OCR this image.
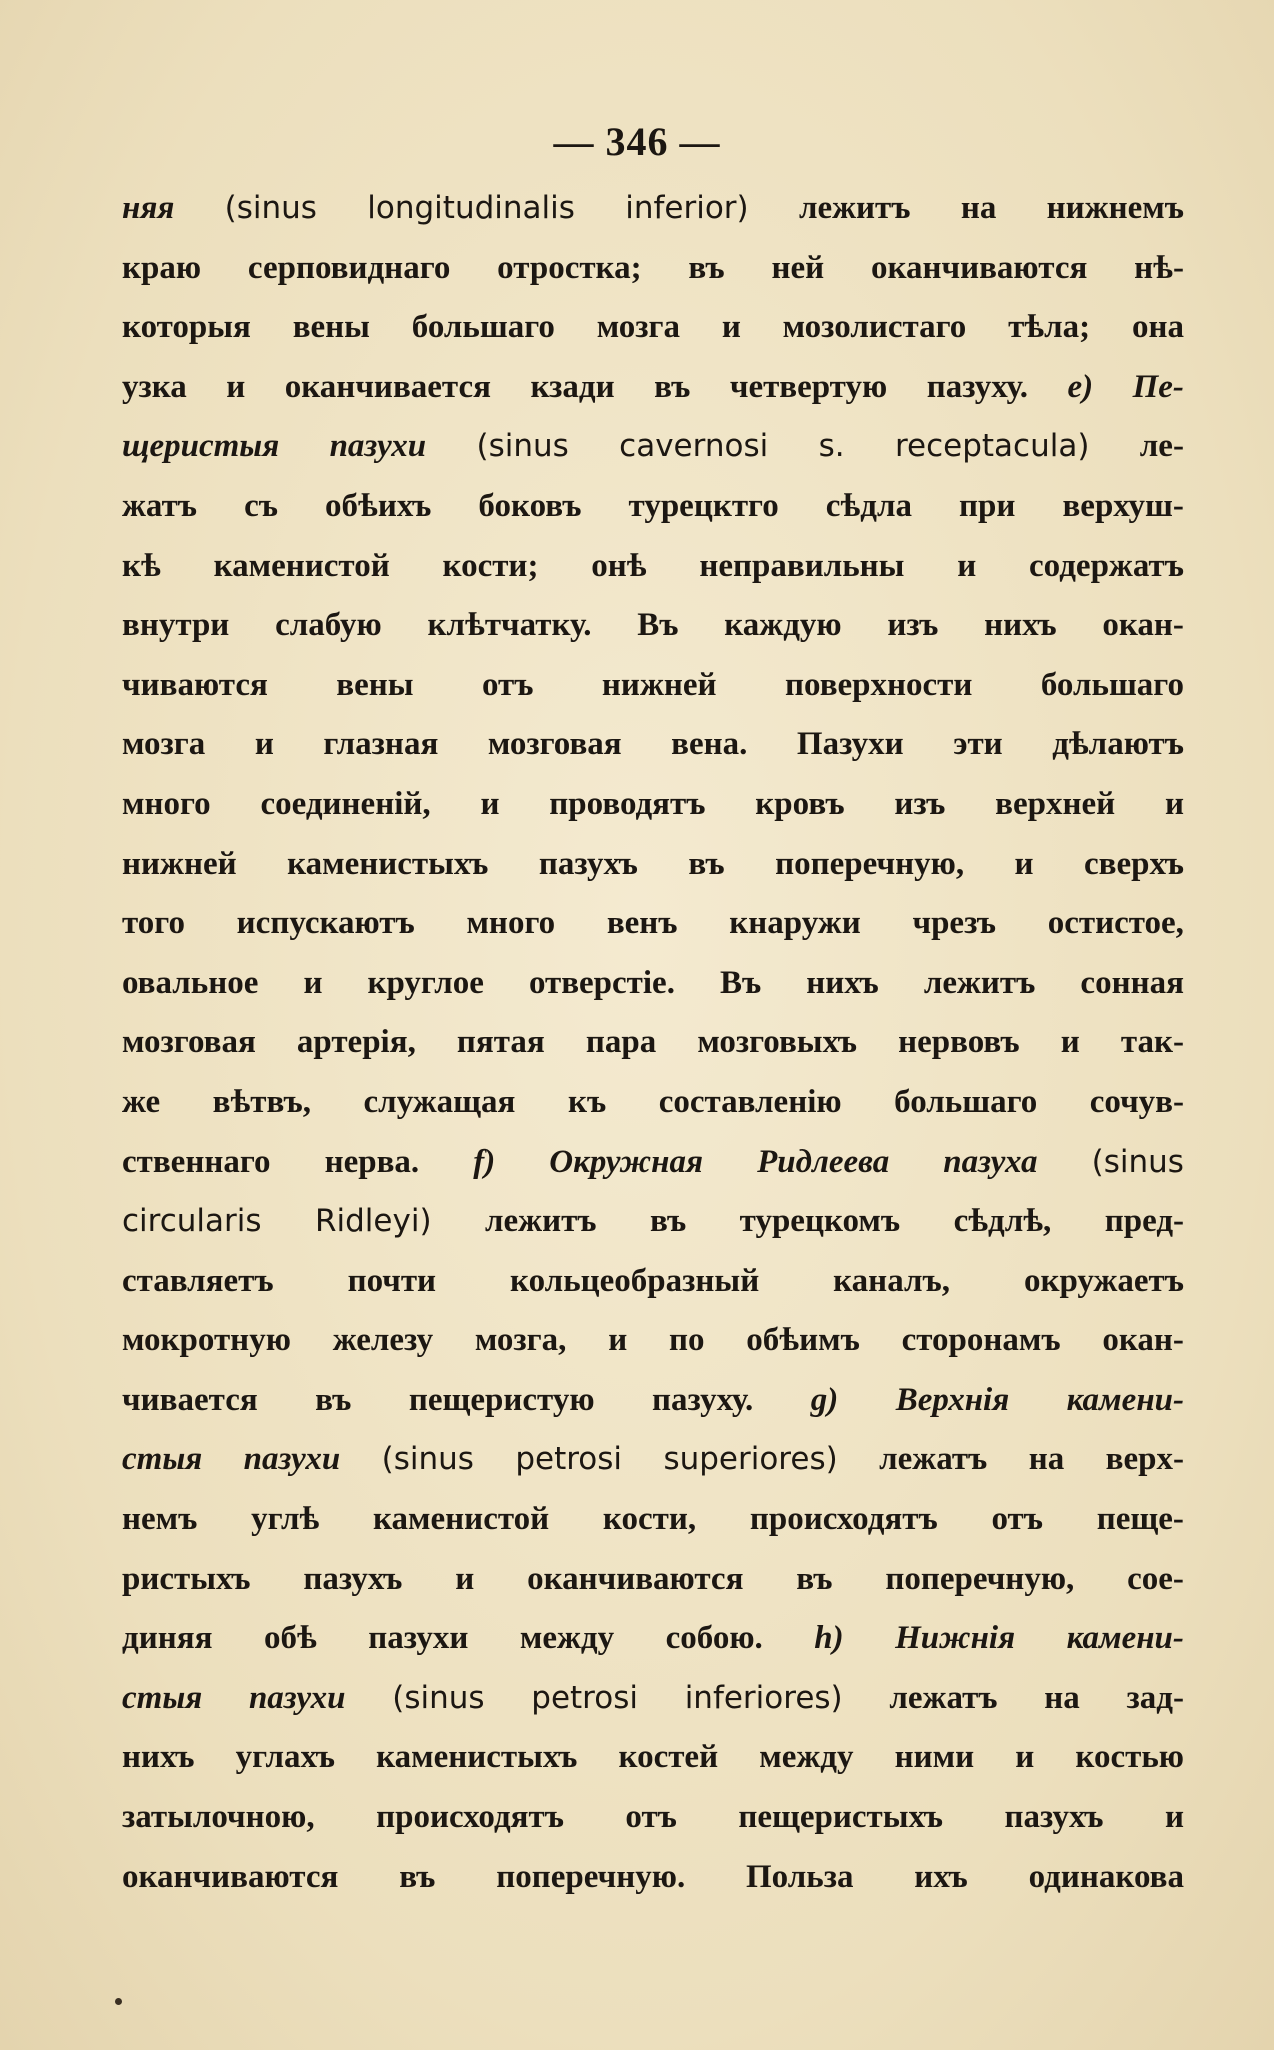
— 346 —
няя (sinus longitudinalis inferior) лежитъ на нижнемъ
краю серповиднаго отростка; въ ней оканчиваются нѣ-
которыя вены большаго мозга и мозолистаго тѣла; она
узка и оканчивается кзади въ четвертую пазуху. e) Пе-
щеристыя пазухи (sinus cavernosi s. receptacula) ле-
жатъ съ обѣихъ боковъ турецктго сѣдла при верхуш-
кѣ каменистой кости; онѣ неправильны и содержатъ
внутри слабую клѣтчатку. Въ каждую изъ нихъ окан-
чиваются вены отъ нижней поверхности большаго
мозга и глазная мозговая вена. Пазухи эти дѣлаютъ
много соединеній, и проводятъ кровъ изъ верхней и
нижней каменистыхъ пазухъ въ поперечную, и сверхъ
того испускаютъ много венъ кнаружи чрезъ остистое,
овальное и круглое отверстіе. Въ нихъ лежитъ сонная
мозговая артерія, пятая пара мозговыхъ нервовъ и так-
же вѣтвъ, служащая къ составленію большаго сочув-
ственнаго нерва. f) Окружная Ридлеева пазуха (sinus
circularis Ridleyi) лежитъ въ турецкомъ сѣдлѣ, пред-
ставляетъ почти кольцеобразный каналъ, окружаетъ
мокротную железу мозга, и по обѣимъ сторонамъ окан-
чивается въ пещеристую пазуху. g) Верхнія камени-
стыя пазухи (sinus petrosi superiores) лежатъ на верх-
немъ углѣ каменистой кости, происходятъ отъ пеще-
ристыхъ пазухъ и оканчиваются въ поперечную, сое-
диняя обѣ пазухи между собою. h) Нижнія камени-
стыя пазухи (sinus petrosi inferiores) лежатъ на зад-
нихъ углахъ каменистыхъ костей между ними и костью
затылочною, происходятъ отъ пещеристыхъ пазухъ и
оканчиваются въ поперечную. Польза ихъ одинакова
